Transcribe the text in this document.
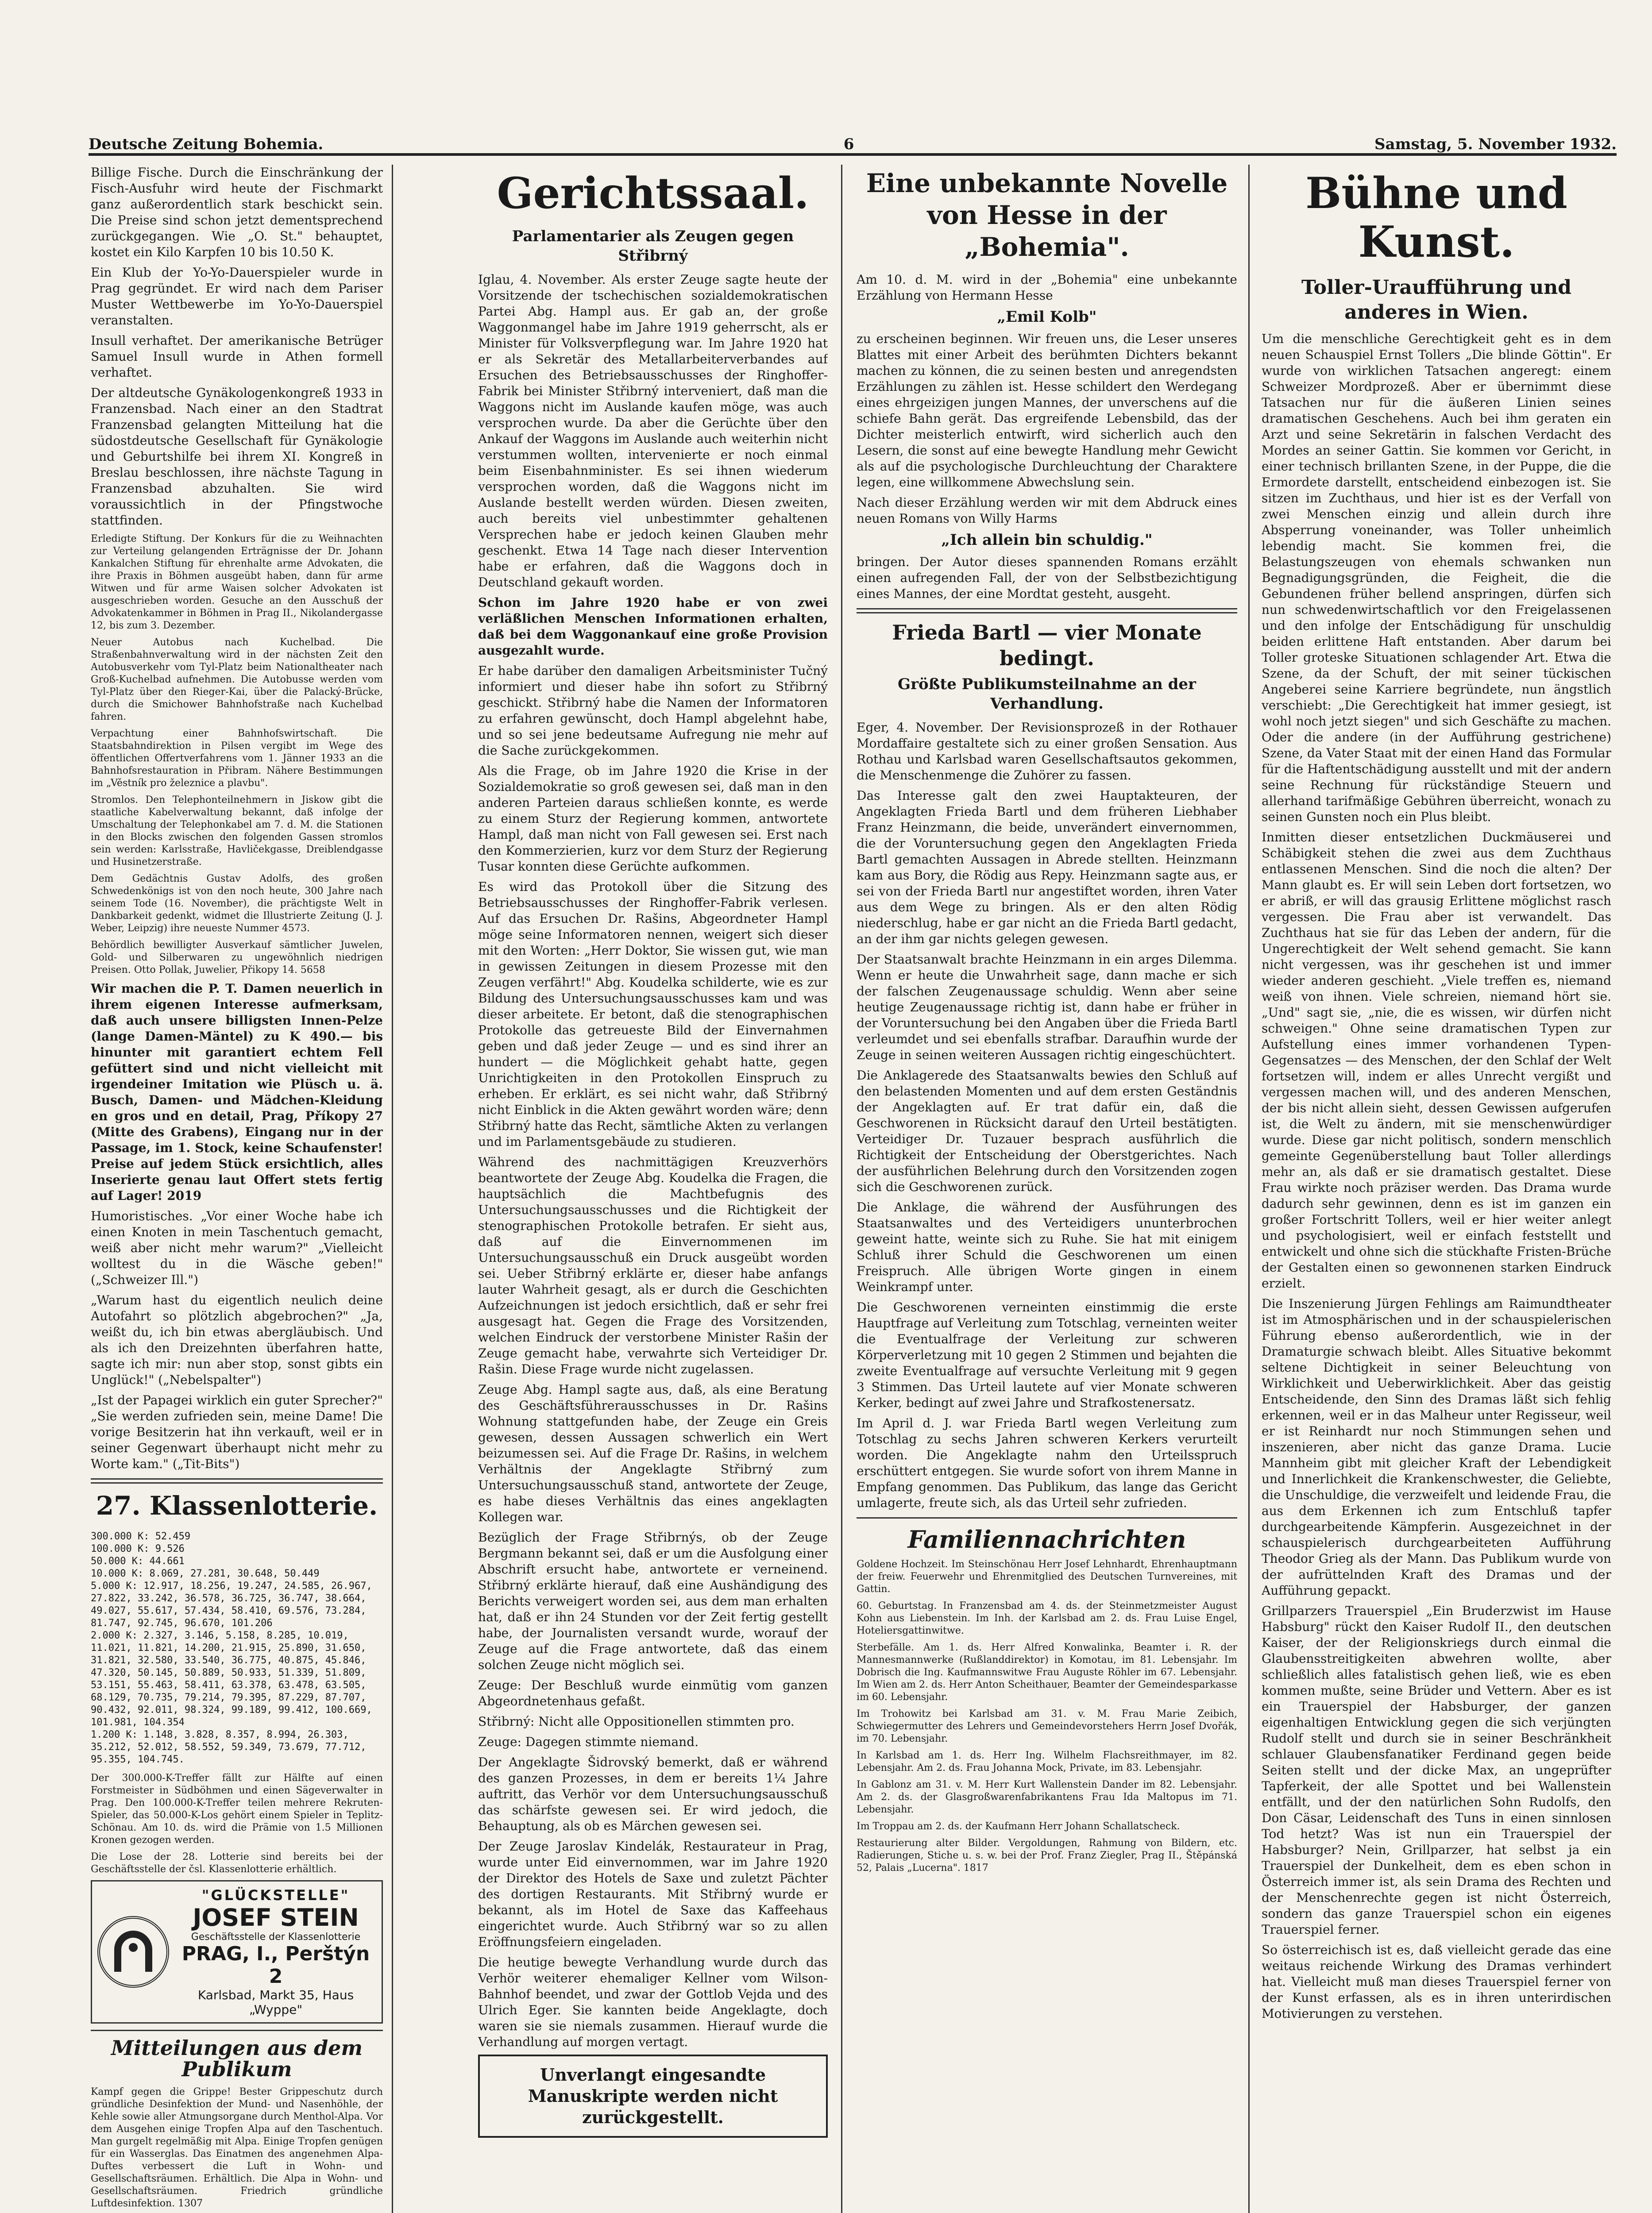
Deutsche Zeitung Bohemia.	6	Samstag, 5. November 1932.

Billige Fische. Durch die Einschränkung der Fisch-Ausfuhr wird heute der Fischmarkt ganz außerordentlich stark beschickt sein. Die Preise sind schon jetzt dementsprechend zurückgegangen. Wie „O. St." behauptet, kostet ein Kilo Karpfen 10 bis 10.50 K.

Ein Klub der Yo-Yo-Dauerspieler wurde in Prag gegründet. Er wird nach dem Pariser Muster Wettbewerbe im Yo-Yo-Dauerspiel veranstalten.

Insull verhaftet. Der amerikanische Betrüger Samuel Insull wurde in Athen formell verhaftet.

Der altdeutsche Gynäkologenkongreß 1933 in Franzensbad. Nach einer an den Stadtrat Franzensbad gelangten Mitteilung hat die südostdeutsche Gesellschaft für Gynäkologie und Geburtshilfe bei ihrem XI. Kongreß in Breslau beschlossen, ihre nächste Tagung in Franzensbad abzuhalten. Sie wird voraussichtlich in der Pfingstwoche stattfinden.

Erledigte Stiftung. Der Konkurs für die zu Weihnachten zur Verteilung gelangenden Erträgnisse der Dr. Johann Kankalchen Stiftung für ehrenhalte arme Advokaten, die ihre Praxis in Böhmen ausgeübt haben, dann für arme Witwen und für arme Waisen solcher Advokaten ist ausgeschrieben worden. Gesuche an den Ausschuß der Advokatenkammer in Böhmen in Prag II., Nikolandergasse 12, bis zum 3. Dezember.

Neuer Autobus nach Kuchelbad. Die Straßenbahnverwaltung wird in der nächsten Zeit den Autobusverkehr vom Tyl-Platz beim Nationaltheater nach Groß-Kuchelbad aufnehmen. Die Autobusse werden vom Tyl-Platz über den Rieger-Kai, über die Palacký-Brücke, durch die Smichower Bahnhofstraße nach Kuchelbad fahren.

Verpachtung einer Bahnhofswirtschaft. Die Staatsbahndirektion in Pilsen vergibt im Wege des öffentlichen Offertverfahrens vom 1. Jänner 1933 an die Bahnhofsrestauration in Přibram. Nähere Bestimmungen im „Věstník pro železnice a plavbu".

Stromlos. Den Telephonteilnehmern in Jiskow gibt die staatliche Kabelverwaltung bekannt, daß infolge der Umschaltung der Telephonkabel am 7. d. M. die Stationen in den Blocks zwischen den folgenden Gassen stromlos sein werden: Karlsstraße, Havličekgasse, Dreiblendgasse und Husinetzerstraße.

Dem Gedächtnis Gustav Adolfs, des großen Schwedenkönigs ist von den noch heute, 300 Jahre nach seinem Tode (16. November), die prächtigste Welt in Dankbarkeit gedenkt, widmet die Illustrierte Zeitung (J. J. Weber, Leipzig) ihre neueste Nummer 4573.

Behördlich bewilligter Ausverkauf sämtlicher Juwelen, Gold- und Silberwaren zu ungewöhnlich niedrigen Preisen. Otto Pollak, Juwelier, Přikopy 14. 5658

Wir machen die P. T. Damen neuerlich in ihrem eigenen Interesse aufmerksam, daß auch unsere billigsten Innen-Pelze (lange Damen-Mäntel) zu K 490.— bis hinunter mit garantiert echtem Fell gefüttert sind und nicht vielleicht mit irgendeiner Imitation wie Plüsch u. ä. Busch, Damen- und Mädchen-Kleidung en gros und en detail, Prag, Příkopy 27 (Mitte des Grabens), Eingang nur in der Passage, im 1. Stock, keine Schaufenster! Preise auf jedem Stück ersichtlich, alles Inserierte genau laut Offert stets fertig auf Lager! 2019

Humoristisches. „Vor einer Woche habe ich einen Knoten in mein Taschentuch gemacht, weiß aber nicht mehr warum?" „Vielleicht wolltest du in die Wäsche geben!" („Schweizer Ill.")

„Warum hast du eigentlich neulich deine Autofahrt so plötzlich abgebrochen?" „Ja, weißt du, ich bin etwas abergläubisch. Und als ich den Dreizehnten überfahren hatte, sagte ich mir: nun aber stop, sonst gibts ein Unglück!" („Nebelspalter")

„Ist der Papagei wirklich ein guter Sprecher?" „Sie werden zufrieden sein, meine Dame! Die vorige Besitzerin hat ihn verkauft, weil er in seiner Gegenwart überhaupt nicht mehr zu Worte kam." („Tit-Bits")

27. Klassenlotterie.
300.000 K: 52.459
100.000 K: 9.526
50.000 K: 44.661
10.000 K: 8.069, 27.281, 30.648, 50.449
5.000 K: 12.917, 18.256, 19.247, 24.585, 26.967, 27.822, 33.242, 36.578, 36.725, 36.747, 38.664, 49.027, 55.617, 57.434, 58.410, 69.576, 73.284, 81.747, 92.745, 96.670, 101.206
2.000 K: 2.327, 3.146, 5.158, 8.285, 10.019, 11.021, 11.821, 14.200, 21.915, 25.890, 31.650, 31.821, 32.580, 33.540, 36.775, 40.875, 45.846, 47.320, 50.145, 50.889, 50.933, 51.339, 51.809, 53.151, 55.463, 58.411, 63.378, 63.478, 63.505, 68.129, 70.735, 79.214, 79.395, 87.229, 87.707, 90.432, 92.011, 98.324, 99.189, 99.412, 100.669, 101.981, 104.354
1.200 K: 1.148, 3.828, 8.357, 8.994, 26.303, 35.212, 52.012, 58.552, 59.349, 73.679, 77.712, 95.355, 104.745.

Der 300.000-K-Treffer fällt zur Hälfte auf einen Forstmeister in Südböhmen und einen Sägeverwalter in Prag. Den 100.000-K-Treffer teilen mehrere Rekruten-Spieler, das 50.000-K-Los gehört einem Spieler in Teplitz-Schönau. Am 10. ds. wird die Prämie von 1.5 Millionen Kronen gezogen werden.

Die Lose der 28. Lotterie sind bereits bei der Geschäftsstelle der čsl. Klassenlotterie erhältlich.

"GLÜCKSTELLE"
JOSEF STEIN
Geschäftsstelle der Klassenlotterie
PRAG, I., Perštýn 2
Karlsbad, Markt 35, Haus „Wyppe"
Mitteilungen aus dem Publikum

Kampf gegen die Grippe! Bester Grippeschutz durch gründliche Desinfektion der Mund- und Nasenhöhle, der Kehle sowie aller Atmungsorgane durch Menthol-Alpa. Vor dem Ausgehen einige Tropfen Alpa auf den Taschentuch. Man gurgelt regelmäßig mit Alpa. Einige Tropfen genügen für ein Wasserglas. Das Einatmen des angenehmen Alpa-Duftes verbessert die Luft in Wohn- und Gesellschaftsräumen. Erhältlich. Die Alpa in Wohn- und Gesellschaftsräumen. Friedrich gründliche Luftdesinfektion. 1307

Gerichtssaal.
Parlamentarier als Zeugen gegen Střibrný

Iglau, 4. November. Als erster Zeuge sagte heute der Vorsitzende der tschechischen sozialdemokratischen Partei Abg. Hampl aus. Er gab an, der große Waggonmangel habe im Jahre 1919 geherrscht, als er Minister für Volksverpflegung war. Im Jahre 1920 hat er als Sekretär des Metallarbeiterverbandes auf Ersuchen des Betriebsausschusses der Ringhoffer-Fabrik bei Minister Střibrný interveniert, daß man die Waggons nicht im Auslande kaufen möge, was auch versprochen wurde. Da aber die Gerüchte über den Ankauf der Waggons im Auslande auch weiterhin nicht verstummen wollten, intervenierte er noch einmal beim Eisenbahnminister. Es sei ihnen wiederum versprochen worden, daß die Waggons nicht im Auslande bestellt werden würden. Diesen zweiten, auch bereits viel unbestimmter gehaltenen Versprechen habe er jedoch keinen Glauben mehr geschenkt. Etwa 14 Tage nach dieser Intervention habe er erfahren, daß die Waggons doch in Deutschland gekauft worden.

Schon im Jahre 1920 habe er von zwei verläßlichen Menschen Informationen erhalten, daß bei dem Waggonankauf eine große Provision ausgezahlt wurde.

Er habe darüber den damaligen Arbeitsminister Tučný informiert und dieser habe ihn sofort zu Střibrný geschickt. Střibrný habe die Namen der Informatoren zu erfahren gewünscht, doch Hampl abgelehnt habe, und so sei jene bedeutsame Aufregung nie mehr auf die Sache zurückgekommen.

Als die Frage, ob im Jahre 1920 die Krise in der Sozialdemokratie so groß gewesen sei, daß man in den anderen Parteien daraus schließen konnte, es werde zu einem Sturz der Regierung kommen, antwortete Hampl, daß man nicht von Fall gewesen sei. Erst nach den Kommerzierien, kurz vor dem Sturz der Regierung Tusar konnten diese Gerüchte aufkommen.

Es wird das Protokoll über die Sitzung des Betriebsausschusses der Ringhoffer-Fabrik verlesen. Auf das Ersuchen Dr. Rašins, Abgeordneter Hampl möge seine Informatoren nennen, weigert sich dieser mit den Worten: „Herr Doktor, Sie wissen gut, wie man in gewissen Zeitungen in diesem Prozesse mit den Zeugen verfährt!" Abg. Koudelka schilderte, wie es zur Bildung des Untersuchungsausschusses kam und was dieser arbeitete. Er betont, daß die stenographischen Protokolle das getreueste Bild der Einvernahmen geben und daß jeder Zeuge — und es sind ihrer an hundert — die Möglichkeit gehabt hatte, gegen Unrichtigkeiten in den Protokollen Einspruch zu erheben. Er erklärt, es sei nicht wahr, daß Střibrný nicht Einblick in die Akten gewährt worden wäre; denn Střibrný hatte das Recht, sämtliche Akten zu verlangen und im Parlamentsgebäude zu studieren.

Während des nachmittägigen Kreuzverhörs beantwortete der Zeuge Abg. Koudelka die Fragen, die hauptsächlich die Machtbefugnis des Untersuchungsausschusses und die Richtigkeit der stenographischen Protokolle betrafen. Er sieht aus, daß auf die Einvernommenen im Untersuchungsausschuß ein Druck ausgeübt worden sei. Ueber Střibrný erklärte er, dieser habe anfangs lauter Wahrheit gesagt, als er durch die Geschichten Aufzeichnungen ist jedoch ersichtlich, daß er sehr frei ausgesagt hat. Gegen die Frage des Vorsitzenden, welchen Eindruck der verstorbene Minister Rašin der Zeuge gemacht habe, verwahrte sich Verteidiger Dr. Rašin. Diese Frage wurde nicht zugelassen.

Zeuge Abg. Hampl sagte aus, daß, als eine Beratung des Geschäftsführerausschusses in Dr. Rašins Wohnung stattgefunden habe, der Zeuge ein Greis gewesen, dessen Aussagen schwerlich ein Wert beizumessen sei. Auf die Frage Dr. Rašins, in welchem Verhältnis der Angeklagte Střibrný zum Untersuchungsausschuß stand, antwortete der Zeuge, es habe dieses Verhältnis das eines angeklagten Kollegen war.

Bezüglich der Frage Střibrnýs, ob der Zeuge Bergmann bekannt sei, daß er um die Ausfolgung einer Abschrift ersucht habe, antwortete er verneinend. Střibrný erklärte hierauf, daß eine Aushändigung des Berichts verweigert worden sei, aus dem man erhalten hat, daß er ihn 24 Stunden vor der Zeit fertig gestellt habe, der Journalisten versandt wurde, worauf der Zeuge auf die Frage antwortete, daß das einem solchen Zeuge nicht möglich sei.

Zeuge: Der Beschluß wurde einmütig vom ganzen Abgeordnetenhaus gefaßt.

Střibrný: Nicht alle Oppositionellen stimmten pro.

Zeuge: Dagegen stimmte niemand.

Der Angeklagte Šidrovský bemerkt, daß er während des ganzen Prozesses, in dem er bereits 1¼ Jahre auftritt, das Verhör vor dem Untersuchungsausschuß das schärfste gewesen sei. Er wird jedoch, die Behauptung, als ob es Märchen gewesen sei.

Der Zeuge Jaroslav Kindelák, Restaurateur in Prag, wurde unter Eid einvernommen, war im Jahre 1920 der Direktor des Hotels de Saxe und zuletzt Pächter des dortigen Restaurants. Mit Střibrný wurde er bekannt, als im Hotel de Saxe das Kaffeehaus eingerichtet wurde. Auch Střibrný war so zu allen Eröffnungsfeiern eingeladen.

Die heutige bewegte Verhandlung wurde durch das Verhör weiterer ehemaliger Kellner vom Wilson-Bahnhof beendet, und zwar der Gottlob Vejda und des Ulrich Eger. Sie kannten beide Angeklagte, doch waren sie sie niemals zusammen. Hierauf wurde die Verhandlung auf morgen vertagt.

Unverlangt eingesandte Manuskripte werden nicht zurückgestellt.
Eine unbekannte Novelle von Hesse in der „Bohemia".

Am 10. d. M. wird in der „Bohemia" eine unbekannte Erzählung von Hermann Hesse

„Emil Kolb"

zu erscheinen beginnen. Wir freuen uns, die Leser unseres Blattes mit einer Arbeit des berühmten Dichters bekannt machen zu können, die zu seinen besten und anregendsten Erzählungen zu zählen ist. Hesse schildert den Werdegang eines ehrgeizigen jungen Mannes, der unverschens auf die schiefe Bahn gerät. Das ergreifende Lebensbild, das der Dichter meisterlich entwirft, wird sicherlich auch den Lesern, die sonst auf eine bewegte Handlung mehr Gewicht als auf die psychologische Durchleuchtung der Charaktere legen, eine willkommene Abwechslung sein.

Nach dieser Erzählung werden wir mit dem Abdruck eines neuen Romans von Willy Harms

„Ich allein bin schuldig."

bringen. Der Autor dieses spannenden Romans erzählt einen aufregenden Fall, der von der Selbstbezichtigung eines Mannes, der eine Mordtat gesteht, ausgeht.

Frieda Bartl — vier Monate bedingt.
Größte Publikumsteilnahme an der Verhandlung.

Eger, 4. November. Der Revisionsprozeß in der Rothauer Mordaffaire gestaltete sich zu einer großen Sensation. Aus Rothau und Karlsbad waren Gesellschaftsautos gekommen, die Menschenmenge die Zuhörer zu fassen.

Das Interesse galt den zwei Hauptakteuren, der Angeklagten Frieda Bartl und dem früheren Liebhaber Franz Heinzmann, die beide, unverändert einvernommen, die der Voruntersuchung gegen den Angeklagten Frieda Bartl gemachten Aussagen in Abrede stellten. Heinzmann kam aus Bory, die Rödig aus Repy. Heinzmann sagte aus, er sei von der Frieda Bartl nur angestiftet worden, ihren Vater aus dem Wege zu bringen. Als er den alten Rödig niederschlug, habe er gar nicht an die Frieda Bartl gedacht, an der ihm gar nichts gelegen gewesen.

Der Staatsanwalt brachte Heinzmann in ein arges Dilemma. Wenn er heute die Unwahrheit sage, dann mache er sich der falschen Zeugenaussage schuldig. Wenn aber seine heutige Zeugenaussage richtig ist, dann habe er früher in der Voruntersuchung bei den Angaben über die Frieda Bartl verleumdet und sei ebenfalls strafbar. Daraufhin wurde der Zeuge in seinen weiteren Aussagen richtig eingeschüchtert.

Die Anklagerede des Staatsanwalts bewies den Schluß auf den belastenden Momenten und auf dem ersten Geständnis der Angeklagten auf. Er trat dafür ein, daß die Geschworenen in Rücksicht darauf den Urteil bestätigten. Verteidiger Dr. Tuzauer besprach ausführlich die Richtigkeit der Entscheidung der Oberstgerichtes. Nach der ausführlichen Belehrung durch den Vorsitzenden zogen sich die Geschworenen zurück.

Die Anklage, die während der Ausführungen des Staatsanwaltes und des Verteidigers ununterbrochen geweint hatte, weinte sich zu Ruhe. Sie hat mit einigem Schluß ihrer Schuld die Geschworenen um einen Freispruch. Alle übrigen Worte gingen in einem Weinkrampf unter.

Die Geschworenen verneinten einstimmig die erste Hauptfrage auf Verleitung zum Totschlag, verneinten weiter die Eventualfrage der Verleitung zur schweren Körperverletzung mit 10 gegen 2 Stimmen und bejahten die zweite Eventualfrage auf versuchte Verleitung mit 9 gegen 3 Stimmen. Das Urteil lautete auf vier Monate schweren Kerker, bedingt auf zwei Jahre und Strafkostenersatz.

Im April d. J. war Frieda Bartl wegen Verleitung zum Totschlag zu sechs Jahren schweren Kerkers verurteilt worden. Die Angeklagte nahm den Urteilsspruch erschüttert entgegen. Sie wurde sofort von ihrem Manne in Empfang genommen. Das Publikum, das lange das Gericht umlagerte, freute sich, als das Urteil sehr zufrieden.

Familiennachrichten

Goldene Hochzeit. Im Steinschönau Herr Josef Lehnhardt, Ehrenhauptmann der freiw. Feuerwehr und Ehrenmitglied des Deutschen Turnvereines, mit Gattin.

60. Geburtstag. In Franzensbad am 4. ds. der Steinmetzmeister August Kohn aus Liebenstein. Im Inh. der Karlsbad am 2. ds. Frau Luise Engel, Hoteliersgattinwitwe.

Sterbefälle. Am 1. ds. Herr Alfred Konwalinka, Beamter i. R. der Mannesmannwerke (Rußlanddirektor) in Komotau, im 81. Lebensjahr. Im Dobrisch die Ing. Kaufmannswitwe Frau Auguste Röhler im 67. Lebensjahr. Im Wien am 2. ds. Herr Anton Scheithauer, Beamter der Gemeindesparkasse im 60. Lebensjahr.

Im Trohowitz bei Karlsbad am 31. v. M. Frau Marie Zeibich, Schwiegermutter des Lehrers und Gemeindevorstehers Herrn Josef Dvořák, im 70. Lebensjahr.

In Karlsbad am 1. ds. Herr Ing. Wilhelm Flachsreithmayer, im 82. Lebensjahr. Am 2. ds. Frau Johanna Mock, Private, im 83. Lebensjahr.

In Gablonz am 31. v. M. Herr Kurt Wallenstein Dander im 82. Lebensjahr. Am 2. ds. der Glasgroßwarenfabrikantens Frau Ida Maltopus im 71. Lebensjahr.

Im Troppau am 2. ds. der Kaufmann Herr Johann Schallatscheck.

Restaurierung alter Bilder. Vergoldungen, Rahmung von Bildern, etc. Radierungen, Stiche u. s. w. bei der Prof. Franz Ziegler, Prag II., Štěpánská 52, Palais „Lucerna". 1817

Bühne und Kunst.
Toller-Uraufführung und anderes in Wien.

Um die menschliche Gerechtigkeit geht es in dem neuen Schauspiel Ernst Tollers „Die blinde Göttin". Er wurde von wirklichen Tatsachen angeregt: einem Schweizer Mordprozeß. Aber er übernimmt diese Tatsachen nur für die äußeren Linien seines dramatischen Geschehens. Auch bei ihm geraten ein Arzt und seine Sekretärin in falschen Verdacht des Mordes an seiner Gattin. Sie kommen vor Gericht, in einer technisch brillanten Szene, in der Puppe, die die Ermordete darstellt, entscheidend einbezogen ist. Sie sitzen im Zuchthaus, und hier ist es der Verfall von zwei Menschen einzig und allein durch ihre Absperrung voneinander, was Toller unheimlich lebendig macht. Sie kommen frei, die Belastungszeugen von ehemals schwanken nun Begnadigungsgründen, die Feigheit, die die Gebundenen früher bellend anspringen, dürfen sich nun schwedenwirtschaftlich vor den Freigelassenen und den infolge der Entschädigung für unschuldig beiden erlittene Haft entstanden. Aber darum bei Toller groteske Situationen schlagender Art. Etwa die Szene, da der Schuft, der mit seiner tückischen Angeberei seine Karriere begründete, nun ängstlich verschiebt: „Die Gerechtigkeit hat immer gesiegt, ist wohl noch jetzt siegen" und sich Geschäfte zu machen. Oder die andere (in der Aufführung gestrichene) Szene, da Vater Staat mit der einen Hand das Formular für die Haftentschädigung ausstellt und mit der andern seine Rechnung für rückständige Steuern und allerhand tarifmäßige Gebühren überreicht, wonach zu seinen Gunsten noch ein Plus bleibt.

Inmitten dieser entsetzlichen Duckmäuserei und Schäbigkeit stehen die zwei aus dem Zuchthaus entlassenen Menschen. Sind die noch die alten? Der Mann glaubt es. Er will sein Leben dort fortsetzen, wo er abriß, er will das grausig Erlittene möglichst rasch vergessen. Die Frau aber ist verwandelt. Das Zuchthaus hat sie für das Leben der andern, für die Ungerechtigkeit der Welt sehend gemacht. Sie kann nicht vergessen, was ihr geschehen ist und immer wieder anderen geschieht. „Viele treffen es, niemand weiß von ihnen. Viele schreien, niemand hört sie. „Und" sagt sie, „nie, die es wissen, wir dürfen nicht schweigen." Ohne seine dramatischen Typen zur Aufstellung eines immer vorhandenen Typen-Gegensatzes — des Menschen, der den Schlaf der Welt fortsetzen will, indem er alles Unrecht vergißt und vergessen machen will, und des anderen Menschen, der bis nicht allein sieht, dessen Gewissen aufgerufen ist, die Welt zu ändern, mit sie menschenwürdiger wurde. Diese gar nicht politisch, sondern menschlich gemeinte Gegenüberstellung baut Toller allerdings mehr an, als daß er sie dramatisch gestaltet. Diese Frau wirkte noch präziser werden. Das Drama wurde dadurch sehr gewinnen, denn es ist im ganzen ein großer Fortschritt Tollers, weil er hier weiter anlegt und psychologisiert, weil er einfach feststellt und entwickelt und ohne sich die stückhafte Fristen-Brüche der Gestalten einen so gewonnenen starken Eindruck erzielt.

Die Inszenierung Jürgen Fehlings am Raimundtheater ist im Atmosphärischen und in der schauspielerischen Führung ebenso außerordentlich, wie in der Dramaturgie schwach bleibt. Alles Situative bekommt seltene Dichtigkeit in seiner Beleuchtung von Wirklichkeit und Ueberwirklichkeit. Aber das geistig Entscheidende, den Sinn des Dramas läßt sich fehlig erkennen, weil er in das Malheur unter Regisseur, weil er ist Reinhardt nur noch Stimmungen sehen und inszenieren, aber nicht das ganze Drama. Lucie Mannheim gibt mit gleicher Kraft der Lebendigkeit und Innerlichkeit die Krankenschwester, die Geliebte, die Unschuldige, die verzweifelt und leidende Frau, die aus dem Erkennen ich zum Entschluß tapfer durchgearbeitende Kämpferin. Ausgezeichnet in der schauspielerisch durchgearbeiteten Aufführung Theodor Grieg als der Mann. Das Publikum wurde von der aufrüttelnden Kraft des Dramas und der Aufführung gepackt.

Grillparzers Trauerspiel „Ein Bruderzwist im Hause Habsburg" rückt den Kaiser Rudolf II., den deutschen Kaiser, der der Religionskriegs durch einmal die Glaubensstreitigkeiten abwehren wollte, aber schließlich alles fatalistisch gehen ließ, wie es eben kommen mußte, seine Brüder und Vettern. Aber es ist ein Trauerspiel der Habsburger, der ganzen eigenhaltigen Entwicklung gegen die sich verjüngten Rudolf stellt und durch sie in seiner Beschränkheit schlauer Glaubensfanatiker Ferdinand gegen beide Seiten stellt und der dicke Max, an ungeprüfter Tapferkeit, der alle Spottet und bei Wallenstein entfällt, und der den natürlichen Sohn Rudolfs, den Don Cäsar, Leidenschaft des Tuns in einen sinnlosen Tod hetzt? Was ist nun ein Trauerspiel der Habsburger? Nein, Grillparzer, hat selbst ja ein Trauerspiel der Dunkelheit, dem es eben schon in Österreich immer ist, als sein Drama des Rechten und der Menschenrechte gegen ist nicht Österreich, sondern das ganze Trauerspiel schon ein eigenes Trauerspiel ferner.

So österreichisch ist es, daß vielleicht gerade das eine weitaus reichende Wirkung des Dramas verhindert hat. Vielleicht muß man dieses Trauerspiel ferner von der Kunst erfassen, als es in ihren unterirdischen Motivierungen zu verstehen.
